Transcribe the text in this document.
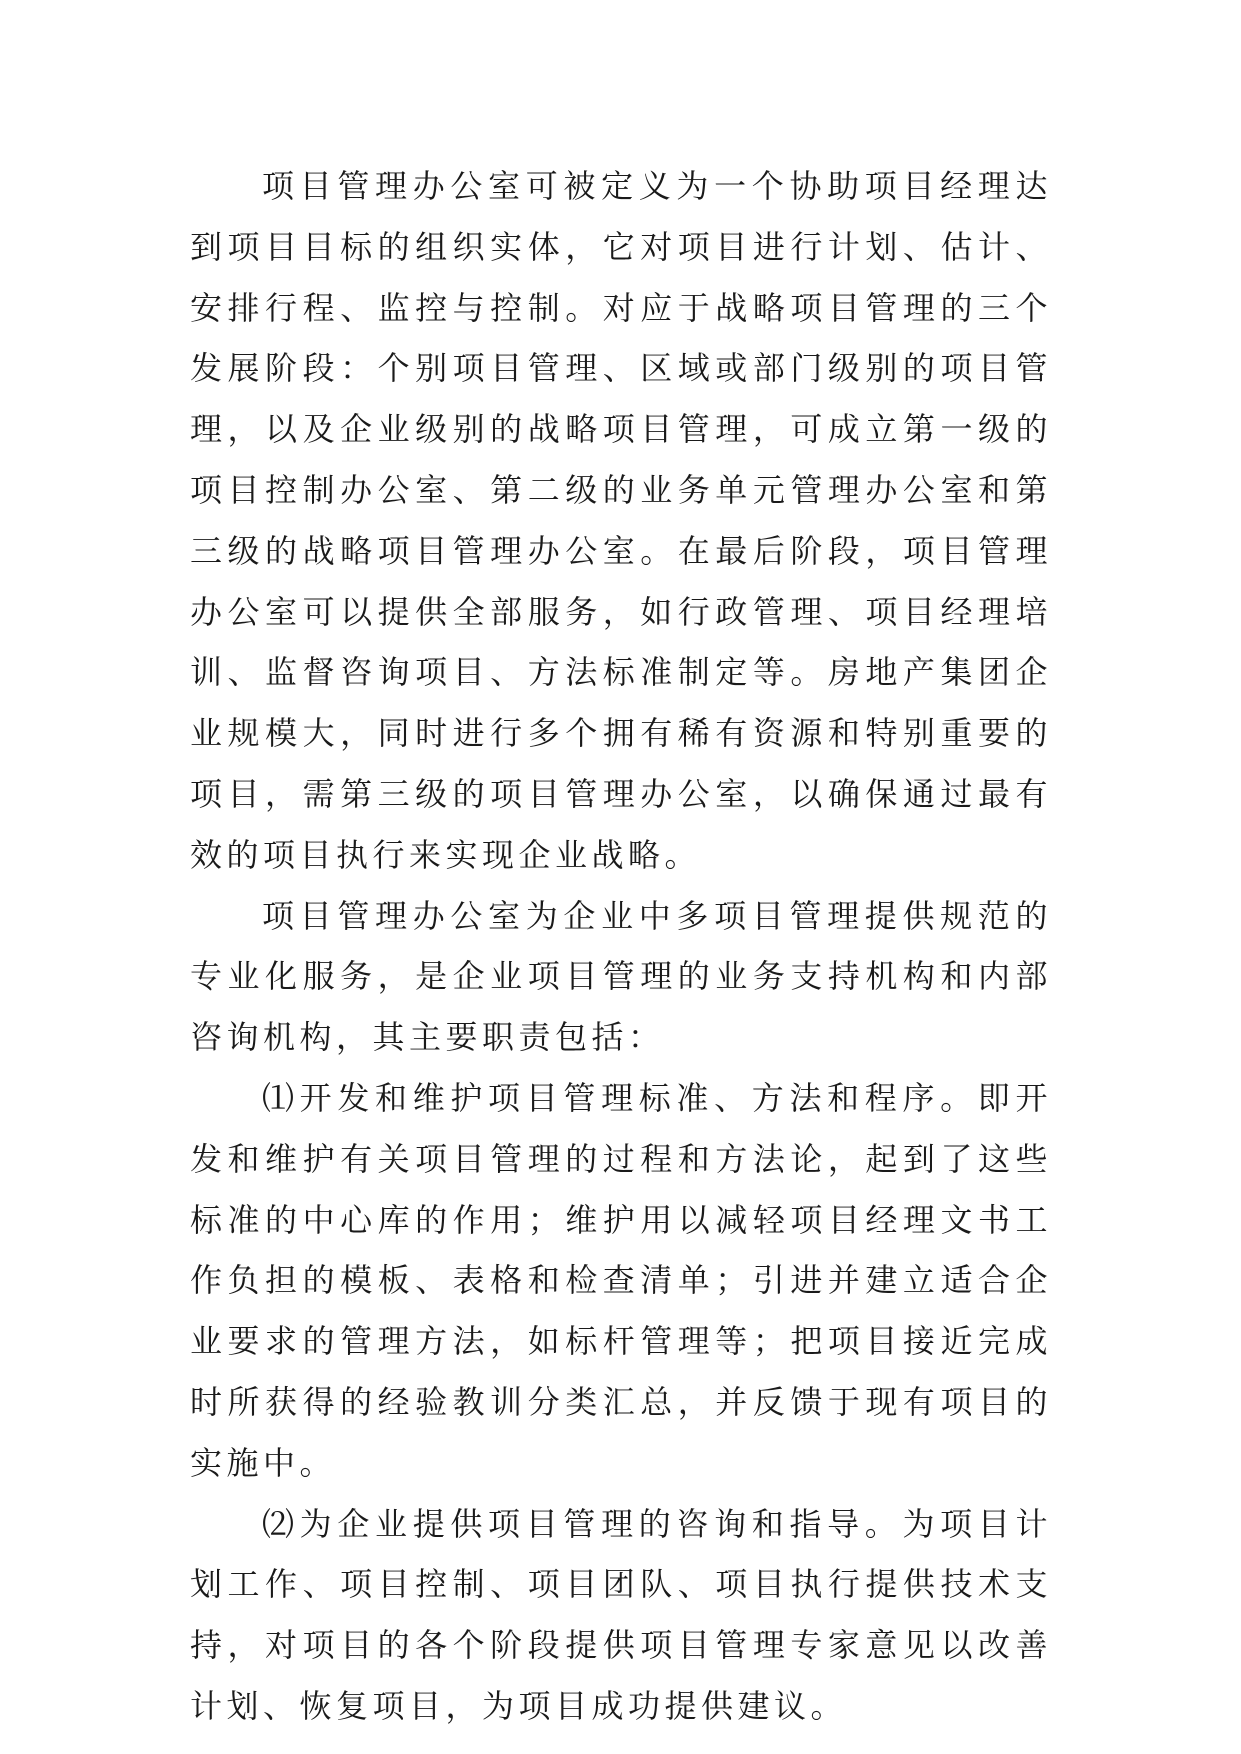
项目管理办公室可被定义为一个协助项目经理达到项目目标的组织实体，它对项目进行计划、估计、安排行程、监控与控制。对应于战略项目管理的三个发展阶段：个别项目管理、区域或部门级别的项目管理，以及企业级别的战略项目管理，可成立第一级的项目控制办公室、第二级的业务单元管理办公室和第三级的战略项目管理办公室。在最后阶段，项目管理办公室可以提供全部服务，如行政管理、项目经理培训、监督咨询项目、方法标准制定等。房地产集团企业规模大，同时进行多个拥有稀有资源和特别重要的项目，需第三级的项目管理办公室，以确保通过最有效的项目执行来实现企业战略。

项目管理办公室为企业中多项目管理提供规范的专业化服务，是企业项目管理的业务支持机构和内部咨询机构，其主要职责包括：

⑴开发和维护项目管理标准、方法和程序。即开发和维护有关项目管理的过程和方法论，起到了这些标准的中心库的作用；维护用以减轻项目经理文书工作负担的模板、表格和检查清单；引进并建立适合企业要求的管理方法，如标杆管理等；把项目接近完成时所获得的经验教训分类汇总，并反馈于现有项目的实施中。

⑵为企业提供项目管理的咨询和指导。为项目计划工作、项目控制、项目团队、项目执行提供技术支持，对项目的各个阶段提供项目管理专家意见以改善计划、恢复项目，为项目成功提供建议。
